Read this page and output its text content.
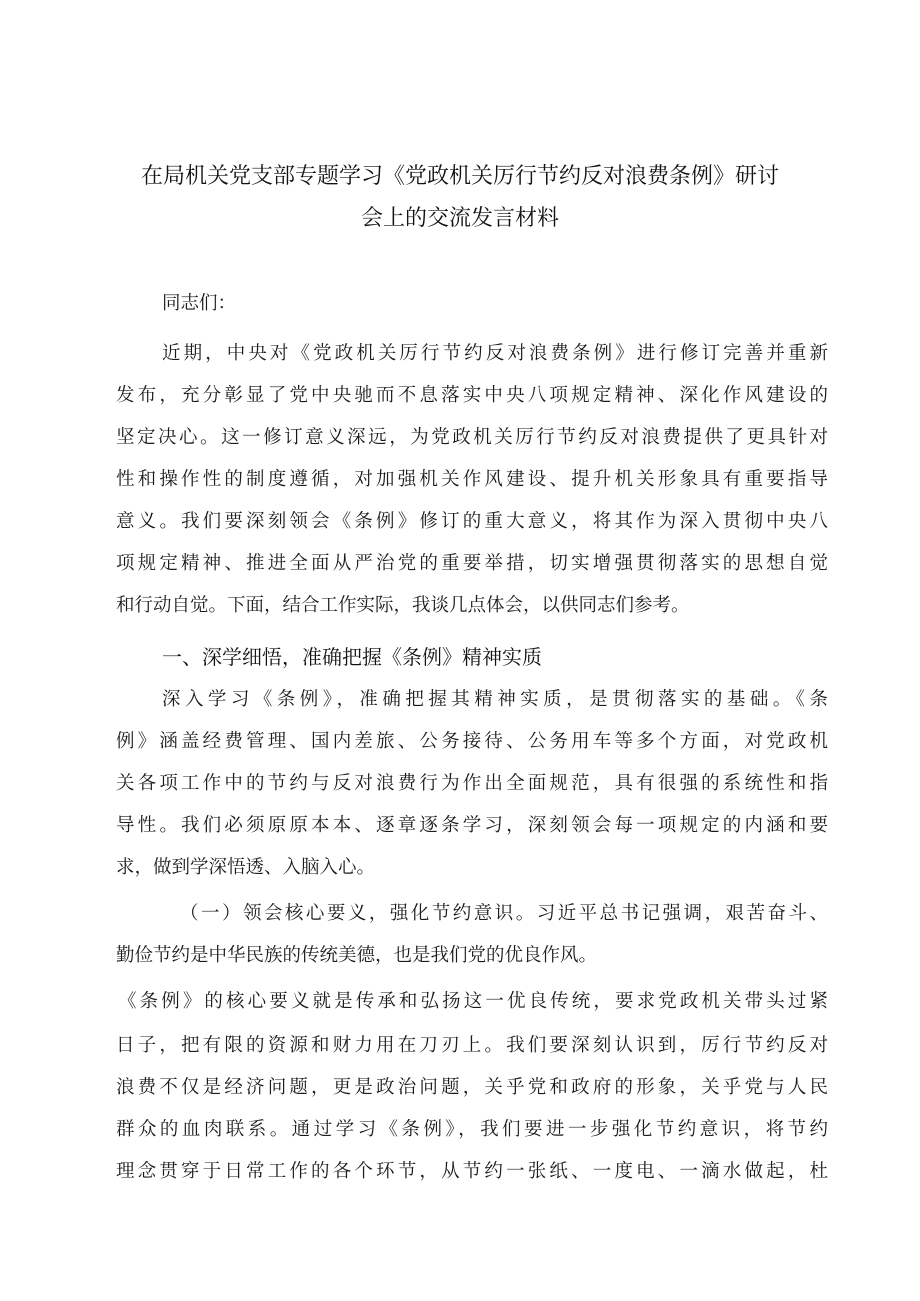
在局机关党支部专题学习《党政机关厉行节约反对浪费条例》研讨
会上的交流发言材料
同志们：
近期，中央对《党政机关厉行节约反对浪费条例》进行修订完善并重新
发布，充分彰显了党中央驰而不息落实中央八项规定精神、深化作风建设的
坚定决心。这一修订意义深远，为党政机关厉行节约反对浪费提供了更具针对
性和操作性的制度遵循，对加强机关作风建设、提升机关形象具有重要指导
意义。我们要深刻领会《条例》修订的重大意义，将其作为深入贯彻中央八
项规定精神、推进全面从严治党的重要举措，切实增强贯彻落实的思想自觉
和行动自觉。下面，结合工作实际，我谈几点体会，以供同志们参考。
一、深学细悟，准确把握《条例》精神实质
深入学习《条例》，准确把握其精神实质，是贯彻落实的基础。《条
例》涵盖经费管理、国内差旅、公务接待、公务用车等多个方面，对党政机
关各项工作中的节约与反对浪费行为作出全面规范，具有很强的系统性和指
导性。我们必须原原本本、逐章逐条学习，深刻领会每一项规定的内涵和要
求，做到学深悟透、入脑入心。
（一）领会核心要义，强化节约意识。习近平总书记强调，艰苦奋斗、
勤俭节约是中华民族的传统美德，也是我们党的优良作风。
《条例》的核心要义就是传承和弘扬这一优良传统，要求党政机关带头过紧
日子，把有限的资源和财力用在刀刃上。我们要深刻认识到，厉行节约反对
浪费不仅是经济问题，更是政治问题，关乎党和政府的形象，关乎党与人民
群众的血肉联系。通过学习《条例》，我们要进一步强化节约意识，将节约
理念贯穿于日常工作的各个环节，从节约一张纸、一度电、一滴水做起，杜
